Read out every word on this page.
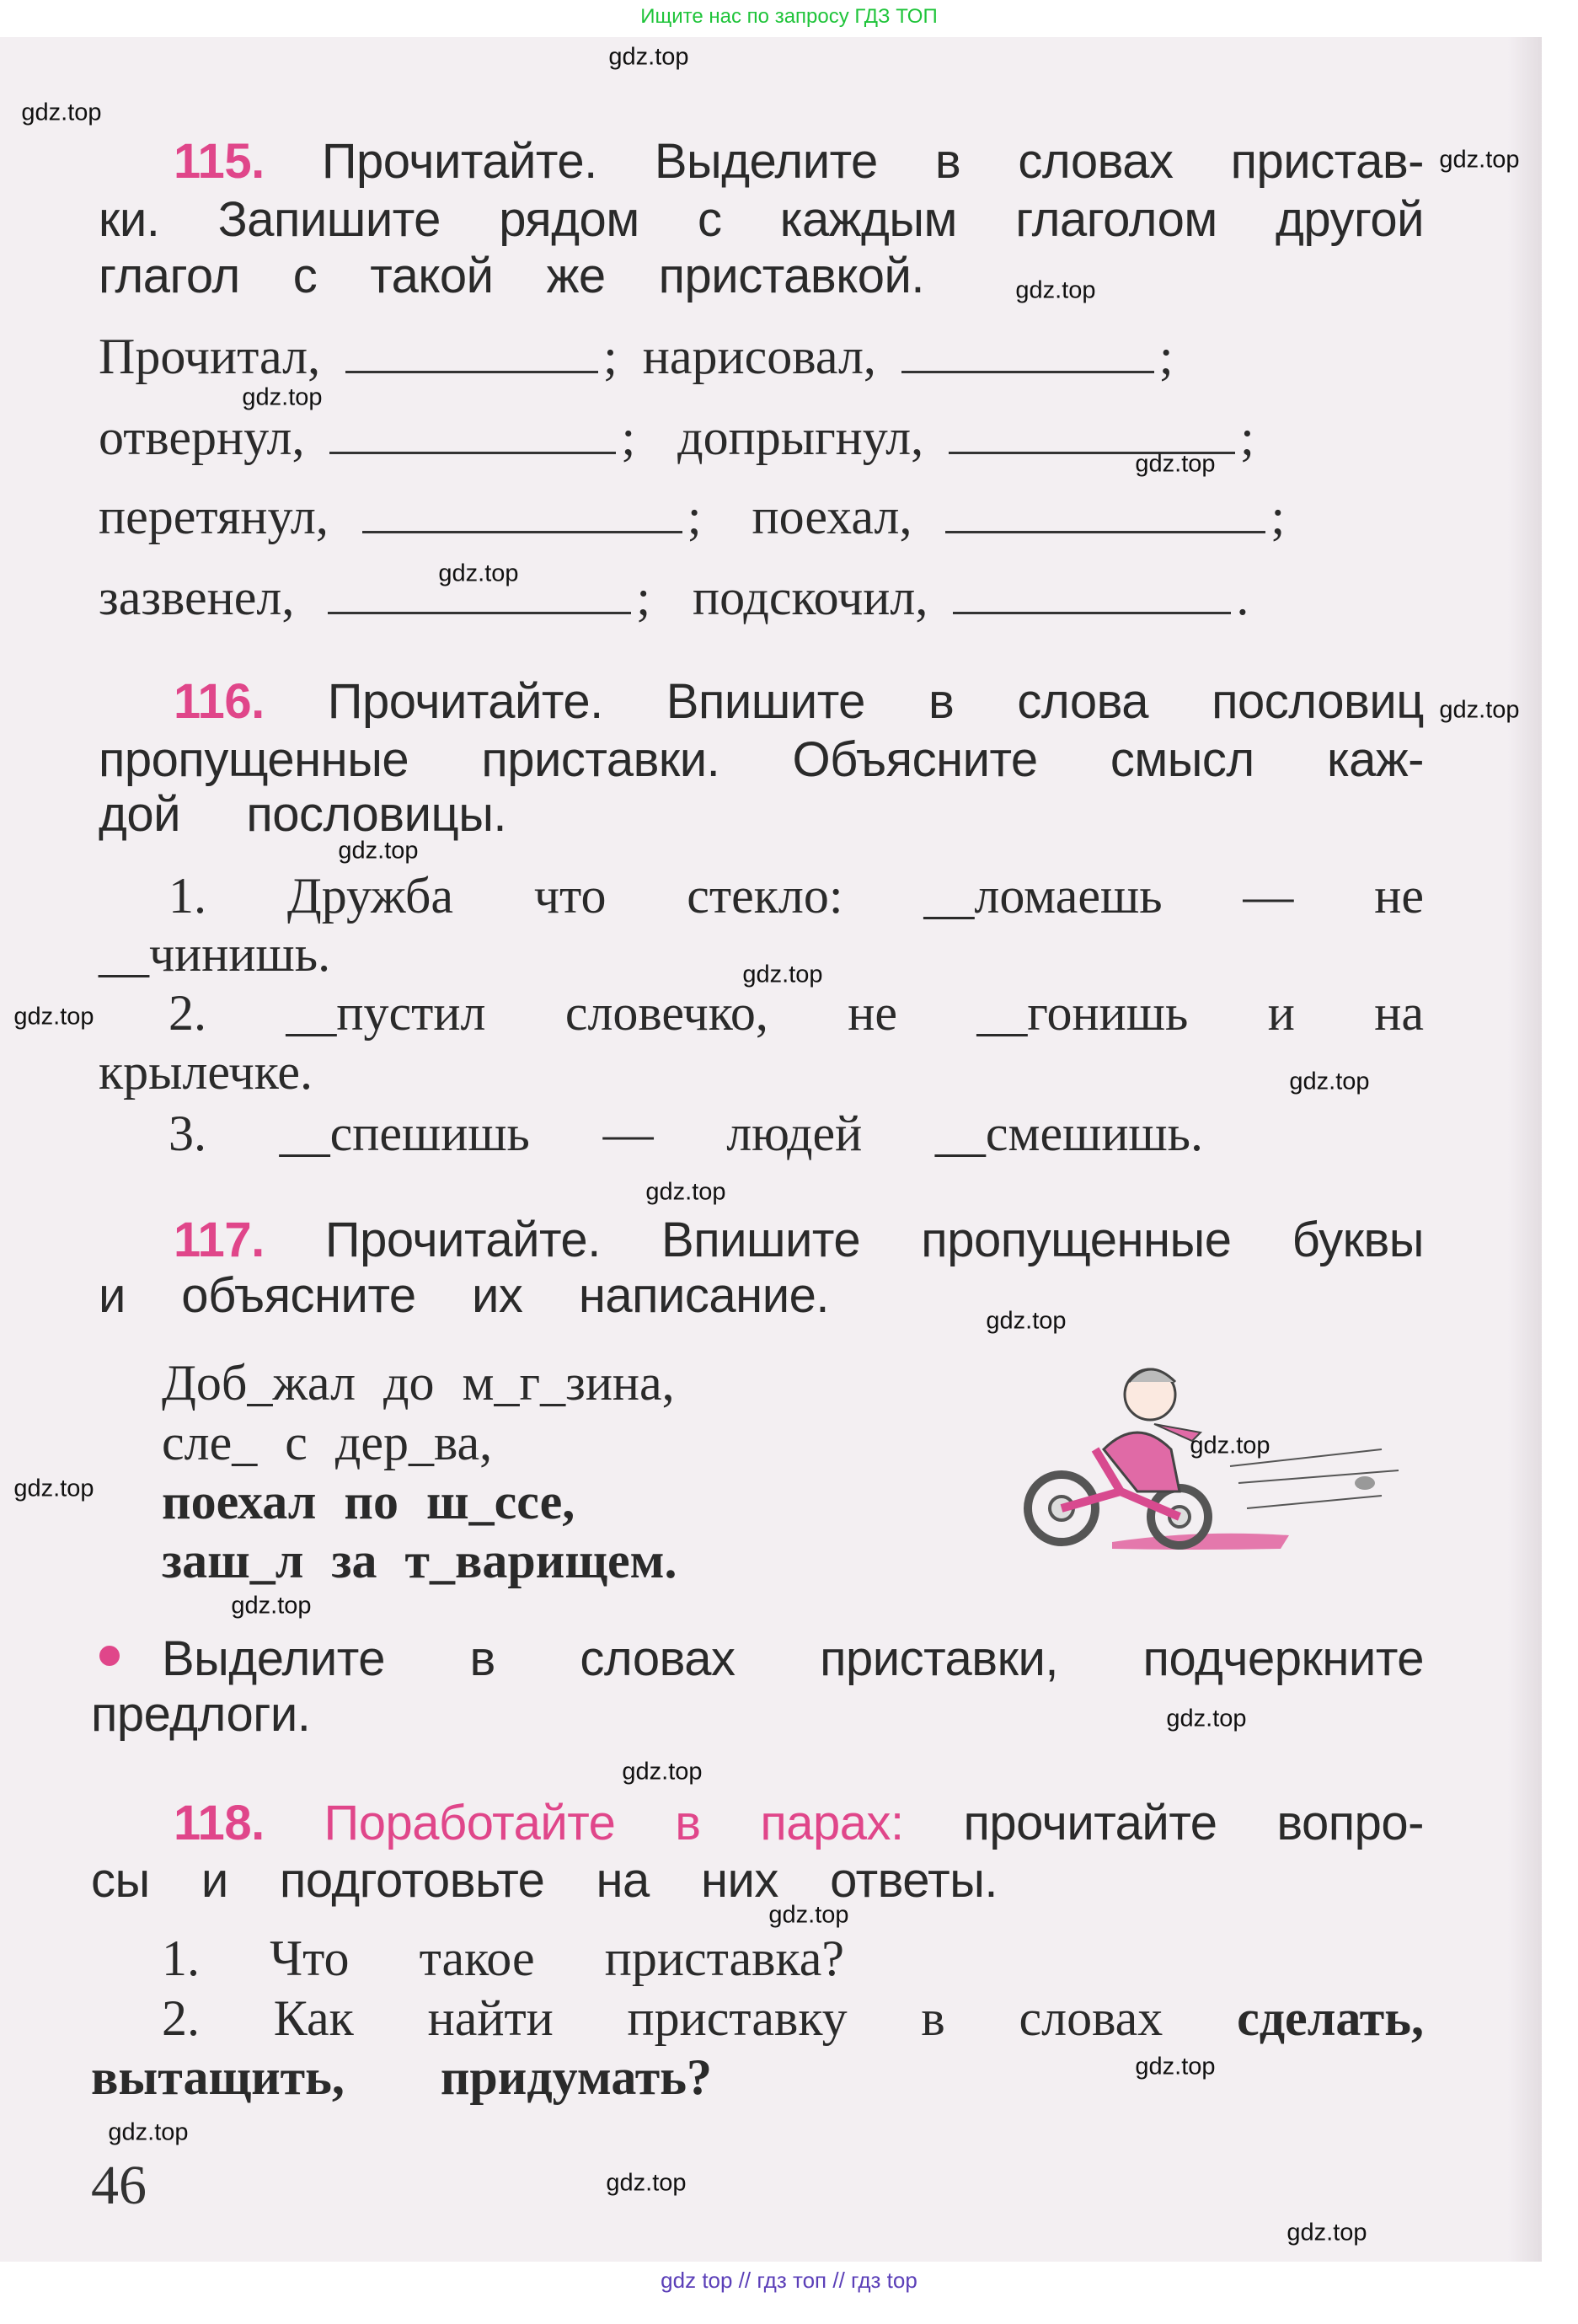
Ищите нас по запросу ГДЗ ТОП
115. Прочитайте. Выделите в словах пристав-
ки. Запишите рядом с каждым глаголом другой
глагол с такой же приставкой.
Прочитал,	; нарисовал,	;
отвернул,	; допрыгнул,	;
перетянул,	; поехал,	;
зазвенел,	; подскочил,	.
116. Прочитайте. Впишите в слова пословиц
пропущенные приставки. Объясните смысл каж-
дой пословицы.
1. Дружба что стекло: __ломаешь — не
__чинишь.
2. __пустил словечко, не __гонишь и на
крылечке.
3. __спешишь — людей __смешишь.
117. Прочитайте. Впишите пропущенные буквы
и объясните их написание.
Доб_жал до м_г_зина,
сле_ с дер_ва,
поехал по ш_cсе,
заш_л за т_варищем.
Выделите в словах приставки, подчеркните
предлоги.
118. Поработайте в парах: прочитайте вопро-
сы и подготовьте на них ответы.
1. Что такое приставка?
2. Как найти приставку в словах сделать,
вытащить, придумать?
46
gdz.top
gdz.top
gdz.top
gdz.top
gdz.top
gdz.top
gdz.top
gdz.top
gdz.top
gdz.top
gdz.top
gdz.top
gdz.top
gdz.top
gdz.top
gdz.top
gdz.top
gdz.top
gdz.top
gdz.top
gdz.top
gdz.top
gdz.top
gdz.top
gdz top // гдз топ // гдз top
